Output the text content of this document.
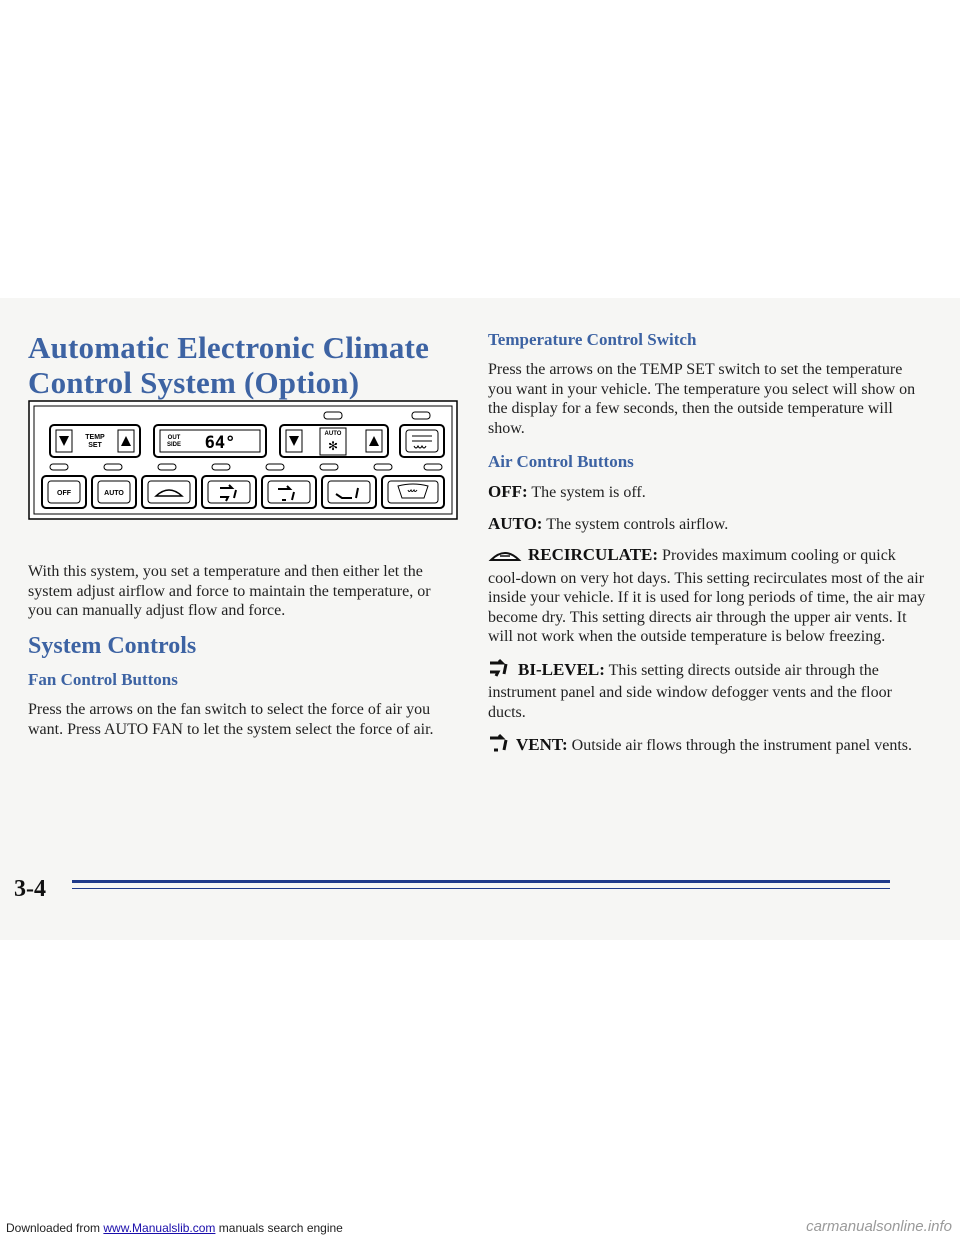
Automatic Electronic Climate
Control System (Option)
TEMP SET
OUT SIDE 64°	AUTO
✻
OFF	AUTO

With this system, you set a temperature and then either let the system adjust airflow and force to maintain the temperature, or you can manually adjust flow and force.

System Controls
Fan Control Buttons

Press the arrows on the fan switch to select the force of air you want. Press AUTO FAN to let the system select the force of air.

Temperature Control Switch

Press the arrows on the TEMP SET switch to set the temperature you want in your vehicle. The temperature you select will show on the display for a few seconds, then the outside temperature will show.

Air Control Buttons

OFF: The system is off.

AUTO: The system controls airflow.

RECIRCULATE: Provides maximum cooling or quick cool-down on very hot days. This setting recirculates most of the air inside your vehicle. If it is used for long periods of time, the air may become dry. This setting directs air through the upper air vents. It will not work when the outside temperature is below freezing.

BI-LEVEL: This setting directs outside air through the instrument panel and side window defogger vents and the floor ducts.

VENT: Outside air flows through the instrument panel vents.

3-4
Downloaded from www.Manualslib.com manuals search engine	carmanualsonline.info
